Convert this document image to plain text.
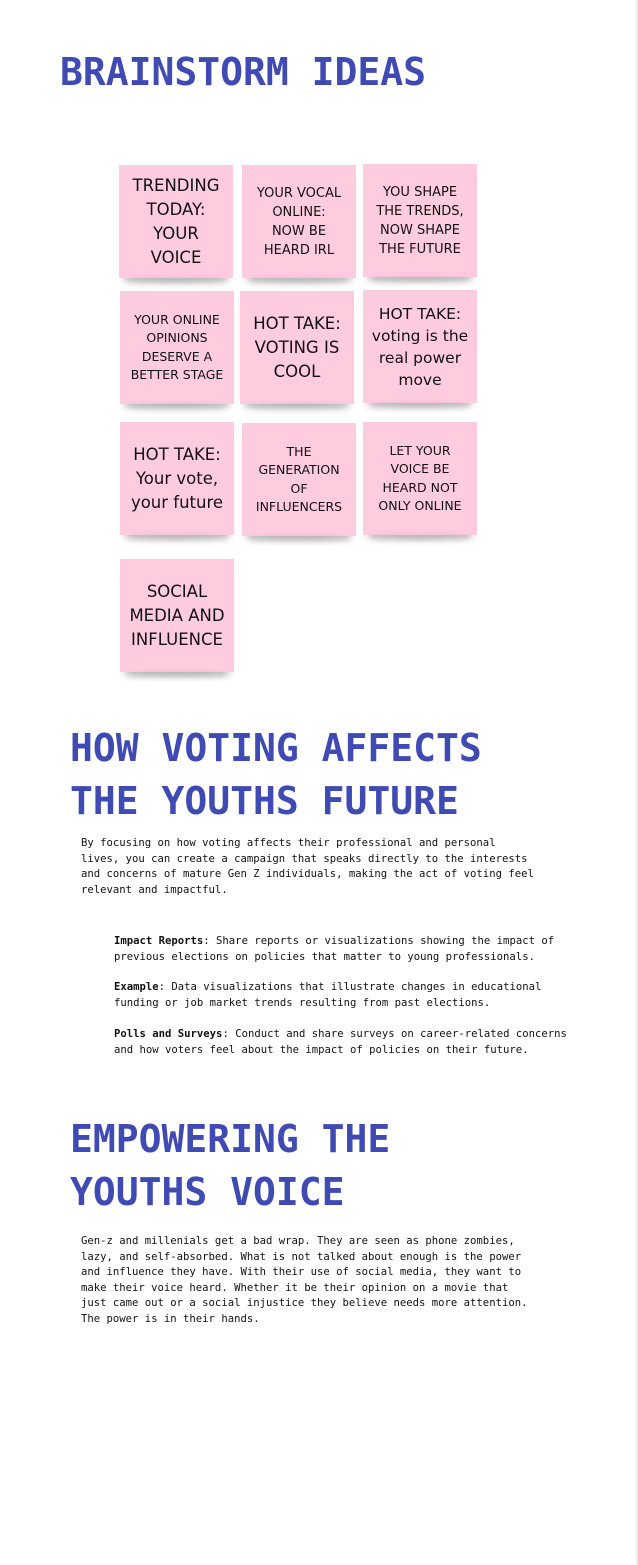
BRAINSTORM IDEAS
TRENDING
TODAY:
YOUR
VOICE
YOUR VOCAL
ONLINE:
NOW BE
HEARD IRL
YOU SHAPE
THE TRENDS,
NOW SHAPE
THE FUTURE
YOUR ONLINE
OPINIONS
DESERVE A
BETTER STAGE
HOT TAKE:
VOTING IS
COOL
HOT TAKE:
voting is the
real power
move
HOT TAKE:
Your vote,
your future
THE
GENERATION
OF
INFLUENCERS
LET YOUR
VOICE BE
HEARD NOT
ONLY ONLINE
SOCIAL
MEDIA AND
INFLUENCE
HOW VOTING AFFECTS
THE YOUTHS FUTURE

By focusing on how voting affects their professional and personal
lives, you can create a campaign that speaks directly to the interests
and concerns of mature Gen Z individuals, making the act of voting feel
relevant and impactful.

Impact Reports: Share reports or visualizations showing the impact of
previous elections on policies that matter to young professionals.

Example: Data visualizations that illustrate changes in educational
funding or job market trends resulting from past elections.

Polls and Surveys: Conduct and share surveys on career-related concerns
and how voters feel about the impact of policies on their future.

EMPOWERING THE
YOUTHS VOICE

Gen-z and millenials get a bad wrap. They are seen as phone zombies,
lazy, and self-absorbed. What is not talked about enough is the power
and influence they have. With their use of social media, they want to
make their voice heard. Whether it be their opinion on a movie that
just came out or a social injustice they believe needs more attention.
The power is in their hands.
